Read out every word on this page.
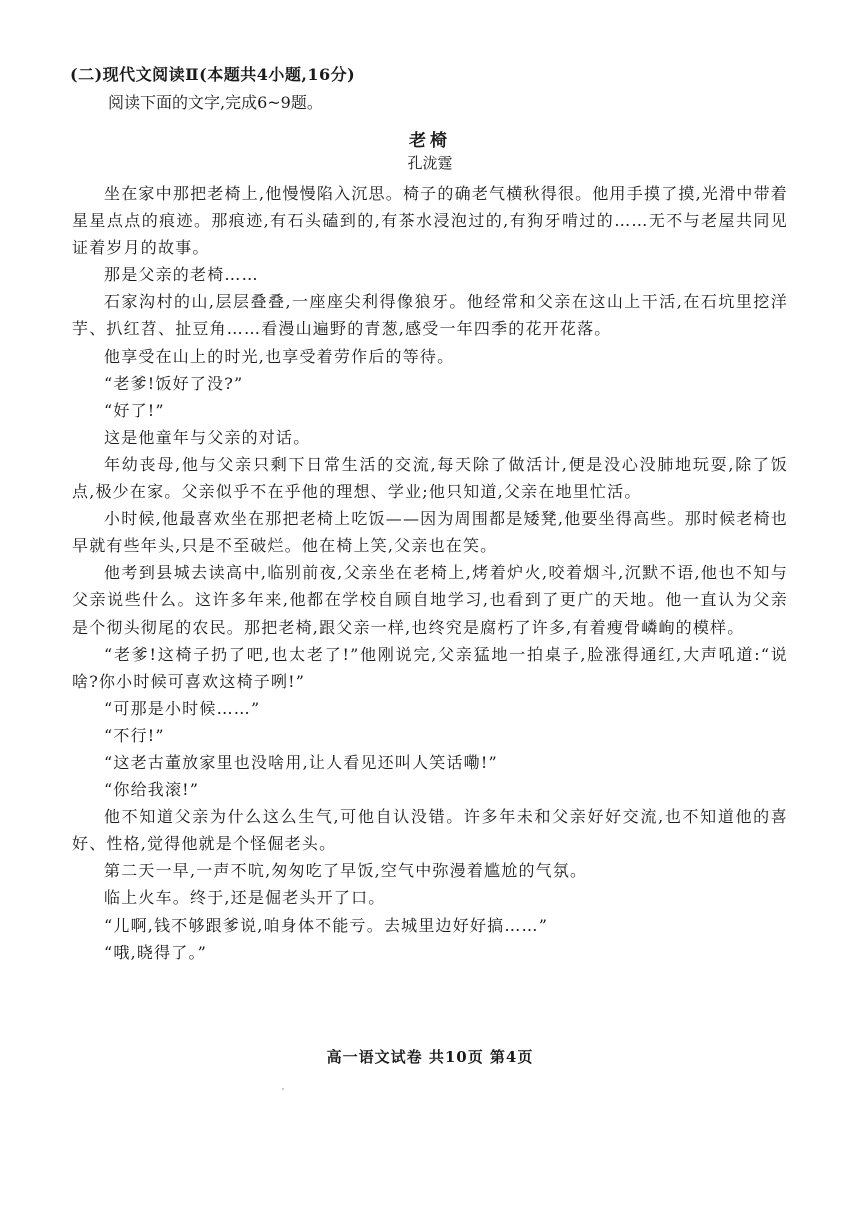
(二)现代文阅读Ⅱ(本题共4小题,16分)
阅读下面的文字,完成6~9题。
老椅
孔泷霆

坐在家中那把老椅上,他慢慢陷入沉思。椅子的确老气横秋得很。他用手摸了摸,光滑中带着星星点点的痕迹。那痕迹,有石头磕到的,有茶水浸泡过的,有狗牙啃过的……无不与老屋共同见证着岁月的故事。

那是父亲的老椅……

石家沟村的山,层层叠叠,一座座尖利得像狼牙。他经常和父亲在这山上干活,在石坑里挖洋芋、扒红苕、扯豆角……看漫山遍野的青葱,感受一年四季的花开花落。

他享受在山上的时光,也享受着劳作后的等待。

“老爹!饭好了没?”

“好了!”

这是他童年与父亲的对话。

年幼丧母,他与父亲只剩下日常生活的交流,每天除了做活计,便是没心没肺地玩耍,除了饭点,极少在家。父亲似乎不在乎他的理想、学业;他只知道,父亲在地里忙活。

小时候,他最喜欢坐在那把老椅上吃饭——因为周围都是矮凳,他要坐得高些。那时候老椅也早就有些年头,只是不至破烂。他在椅上笑,父亲也在笑。

他考到县城去读高中,临别前夜,父亲坐在老椅上,烤着炉火,咬着烟斗,沉默不语,他也不知与父亲说些什么。这许多年来,他都在学校自顾自地学习,也看到了更广的天地。他一直认为父亲是个彻头彻尾的农民。那把老椅,跟父亲一样,也终究是腐朽了许多,有着瘦骨嶙峋的模样。

“老爹!这椅子扔了吧,也太老了!”他刚说完,父亲猛地一拍桌子,脸涨得通红,大声吼道:“说啥?你小时候可喜欢这椅子咧!”

“可那是小时候……”

“不行!”

“这老古董放家里也没啥用,让人看见还叫人笑话嘞!”

“你给我滚!”

他不知道父亲为什么这么生气,可他自认没错。许多年未和父亲好好交流,也不知道他的喜好、性格,觉得他就是个怪倔老头。

第二天一早,一声不吭,匆匆吃了早饭,空气中弥漫着尴尬的气氛。

临上火车。终于,还是倔老头开了口。

“儿啊,钱不够跟爹说,咱身体不能亏。去城里边好好搞……”

“哦,晓得了。”

高一语文试卷 共10页 第4页
